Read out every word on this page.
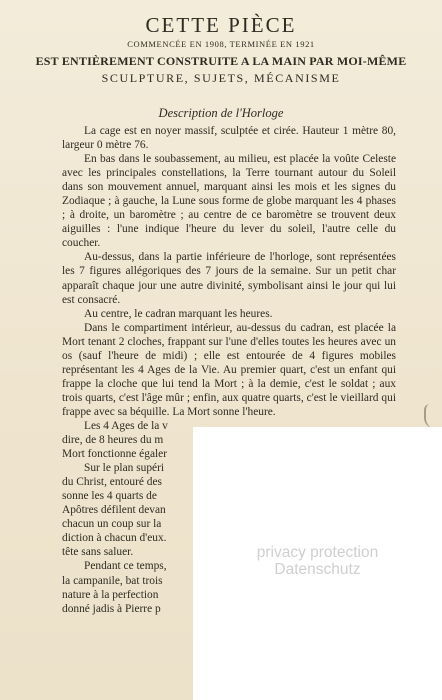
CETTE PIÈCE
COMMENCÉE EN 1908, TERMINÉE EN 1921
EST ENTIÈREMENT CONSTRUITE A LA MAIN PAR MOI-MÊME
SCULPTURE, SUJETS, MÉCANISME
Description de l'Horloge

La cage est en noyer massif, sculptée et cirée. Hauteur 1 mètre 80, largeur 0 mètre 76.

En bas dans le soubassement, au milieu, est placée la voûte Celeste avec les principales constellations, la Terre tournant autour du Soleil dans son mouvement annuel, marquant ainsi les mois et les signes du Zodiaque ; à gauche, la Lune sous forme de globe marquant les 4 phases ; à droite, un baromètre ; au centre de ce baromètre se trouvent deux aiguilles : l'une indique l'heure du lever du soleil, l'autre celle du coucher.

Au-dessus, dans la partie inférieure de l'horloge, sont représentées les 7 figures allégoriques des 7 jours de la semaine. Sur un petit char apparaît chaque jour une autre divinité, symbolisant ainsi le jour qui lui est consacré.

Au centre, le cadran marquant les heures.

Dans le compartiment intérieur, au-dessus du cadran, est placée la Mort tenant 2 cloches, frappant sur l'une d'elles toutes les heures avec un os (sauf l'heure de midi) ; elle est entourée de 4 figures mobiles représentant les 4 Ages de la Vie. Au premier quart, c'est un enfant qui frappe la cloche que lui tend la Mort ; à la demie, c'est le soldat ; aux trois quarts, c'est l'âge mûr ; enfin, aux quatre quarts, c'est le vieillard qui frappe avec sa béquille. La Mort sonne l'heure.

Les 4 Ages de la v

dire, de 8 heures du m

Mort fonctionne égaler

Sur le plan supéri

du Christ, entouré des

sonne les 4 quarts de

Apôtres défilent devan

chacun un coup sur la

diction à chacun d'eux.

tête sans saluer.

Pendant ce temps,

la campanile, bat trois

nature à la perfection

donné jadis à Pierre p

privacy protection
Datenschutz
